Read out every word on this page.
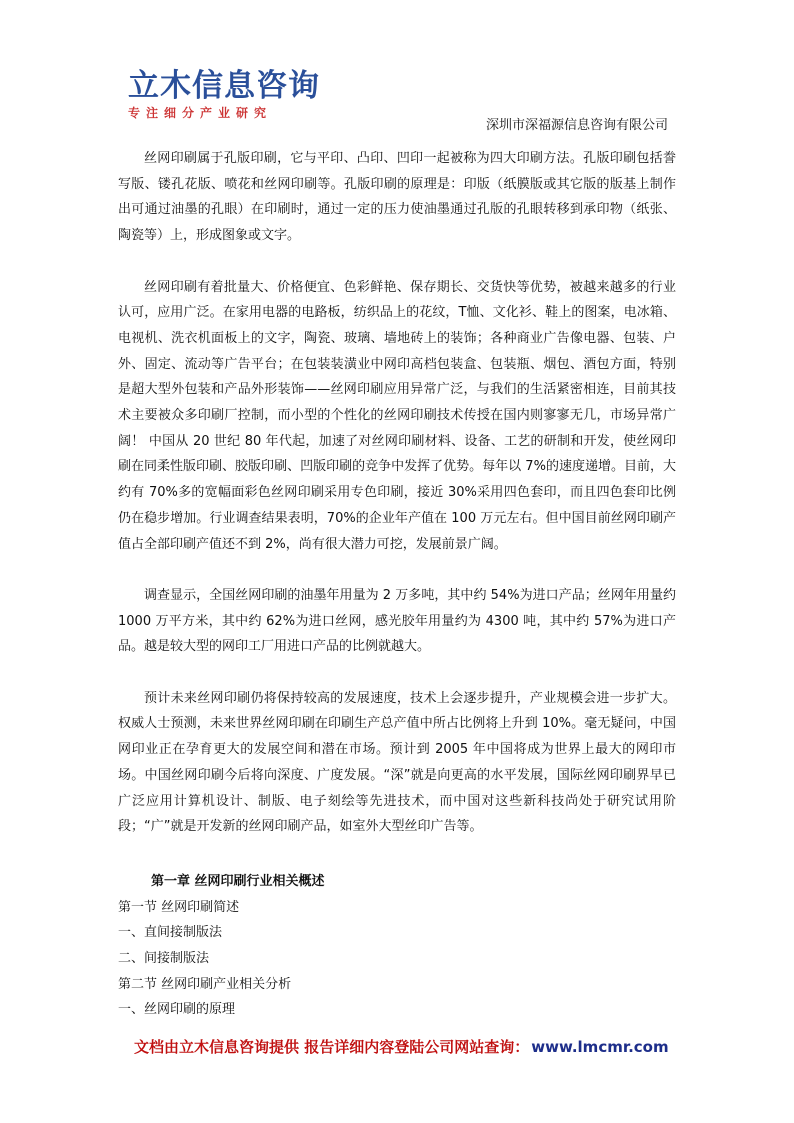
立木信息咨询
专注细分产业研究
深圳市深福源信息咨询有限公司

丝网印刷属于孔版印刷，它与平印、凸印、凹印一起被称为四大印刷方法。孔版印刷包括誊写版、镂孔花版、喷花和丝网印刷等。孔版印刷的原理是：印版（纸膜版或其它版的版基上制作出可通过油墨的孔眼）在印刷时，通过一定的压力使油墨通过孔版的孔眼转移到承印物（纸张、陶瓷等）上，形成图象或文字。

丝网印刷有着批量大、价格便宜、色彩鲜艳、保存期长、交货快等优势，被越来越多的行业认可，应用广泛。在家用电器的电路板，纺织品上的花纹，T恤、文化衫、鞋上的图案，电冰箱、电视机、洗衣机面板上的文字，陶瓷、玻璃、墙地砖上的装饰；各种商业广告像电器、包装、户外、固定、流动等广告平台；在包装装潢业中网印高档包装盒、包装瓶、烟包、酒包方面，特别是超大型外包装和产品外形装饰——丝网印刷应用异常广泛，与我们的生活紧密相连，目前其技术主要被众多印刷厂控制，而小型的个性化的丝网印刷技术传授在国内则寥寥无几，市场异常广阔！ 中国从 20 世纪 80 年代起，加速了对丝网印刷材料、设备、工艺的研制和开发，使丝网印刷在同柔性版印刷、胶版印刷、凹版印刷的竞争中发挥了优势。每年以 7%的速度递增。目前，大约有 70%多的宽幅面彩色丝网印刷采用专色印刷，接近 30%采用四色套印，而且四色套印比例仍在稳步增加。行业调查结果表明，70%的企业年产值在 100 万元左右。但中国目前丝网印刷产值占全部印刷产值还不到 2%，尚有很大潜力可挖，发展前景广阔。

调查显示，全国丝网印刷的油墨年用量为 2 万多吨，其中约 54%为进口产品；丝网年用量约 1000 万平方米，其中约 62%为进口丝网，感光胶年用量约为 4300 吨，其中约 57%为进口产品。越是较大型的网印工厂用进口产品的比例就越大。

预计未来丝网印刷仍将保持较高的发展速度，技术上会逐步提升，产业规模会进一步扩大。权威人士预测，未来世界丝网印刷在印刷生产总产值中所占比例将上升到 10%。毫无疑问，中国网印业正在孕育更大的发展空间和潜在市场。预计到 2005 年中国将成为世界上最大的网印市场。中国丝网印刷今后将向深度、广度发展。“深”就是向更高的水平发展，国际丝网印刷界早已广泛应用计算机设计、制版、电子刻绘等先进技术，而中国对这些新科技尚处于研究试用阶段；“广”就是开发新的丝网印刷产品，如室外大型丝印广告等。

第一章 丝网印刷行业相关概述
第一节 丝网印刷简述
一、直间接制版法
二、间接制版法
第二节 丝网印刷产业相关分析
一、丝网印刷的原理
文档由立木信息咨询提供 报告详细内容登陆公司网站查询： www.lmcmr.com
